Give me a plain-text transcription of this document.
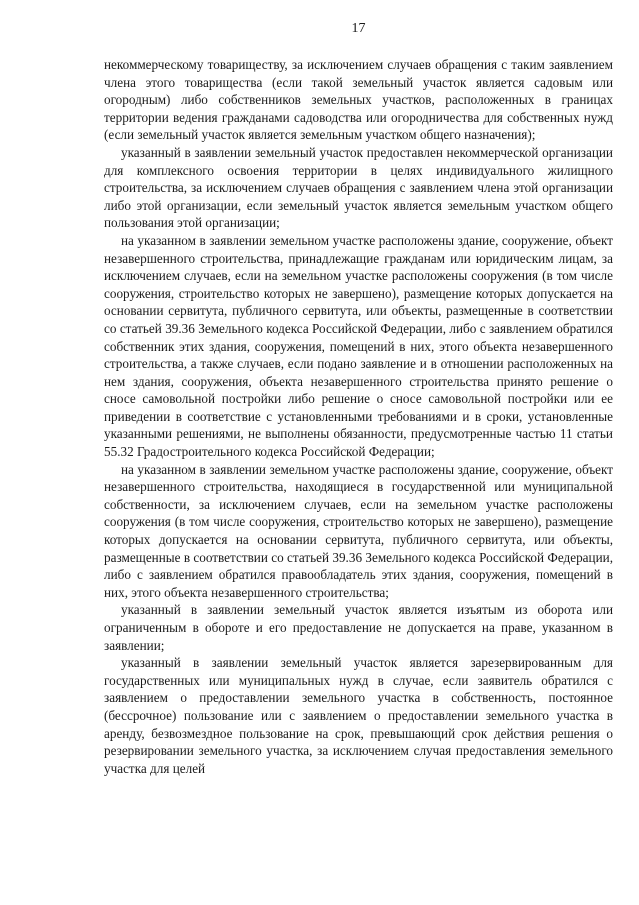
17

некоммерческому товариществу, за исключением случаев обращения с таким заявлением члена этого товарищества (если такой земельный участок является садовым или огородным) либо собственников земельных участков, расположенных в границах территории ведения гражданами садоводства или огородничества для собственных нужд (если земельный участок является земельным участком общего назначения);

указанный в заявлении земельный участок предоставлен некоммерческой организации для комплексного освоения территории в целях индивидуального жилищного строительства, за исключением случаев обращения с заявлением члена этой организации либо этой организации, если земельный участок является земельным участком общего пользования этой организации;

на указанном в заявлении земельном участке расположены здание, сооружение, объект незавершенного строительства, принадлежащие гражданам или юридическим лицам, за исключением случаев, если на земельном участке расположены сооружения (в том числе сооружения, строительство которых не завершено), размещение которых допускается на основании сервитута, публичного сервитута, или объекты, размещенные в соответствии со статьей 39.36 Земельного кодекса Российской Федерации, либо с заявлением обратился собственник этих здания, сооружения, помещений в них, этого объекта незавершенного строительства, а также случаев, если подано заявление и в отношении расположенных на нем здания, сооружения, объекта незавершенного строительства принято решение о сносе самовольной постройки либо решение о сносе самовольной постройки или ее приведении в соответствие с установленными требованиями и в сроки, установленные указанными решениями, не выполнены обязанности, предусмотренные частью 11 статьи 55.32 Градостроительного кодекса Российской Федерации;

на указанном в заявлении земельном участке расположены здание, сооружение, объект незавершенного строительства, находящиеся в государственной или муниципальной собственности, за исключением случаев, если на земельном участке расположены сооружения (в том числе сооружения, строительство которых не завершено), размещение которых допускается на основании сервитута, публичного сервитута, или объекты, размещенные в соответствии со статьей 39.36 Земельного кодекса Российской Федерации, либо с заявлением обратился правообладатель этих здания, сооружения, помещений в них, этого объекта незавершенного строительства;

указанный в заявлении земельный участок является изъятым из оборота или ограниченным в обороте и его предоставление не допускается на праве, указанном в заявлении;

указанный в заявлении земельный участок является зарезервированным для государственных или муниципальных нужд в случае, если заявитель обратился с заявлением о предоставлении земельного участка в собственность, постоянное (бессрочное) пользование или с заявлением о предоставлении земельного участка в аренду, безвозмездное пользование на срок, превышающий срок действия решения о резервировании земельного участка, за исключением случая предоставления земельного участка для целей
